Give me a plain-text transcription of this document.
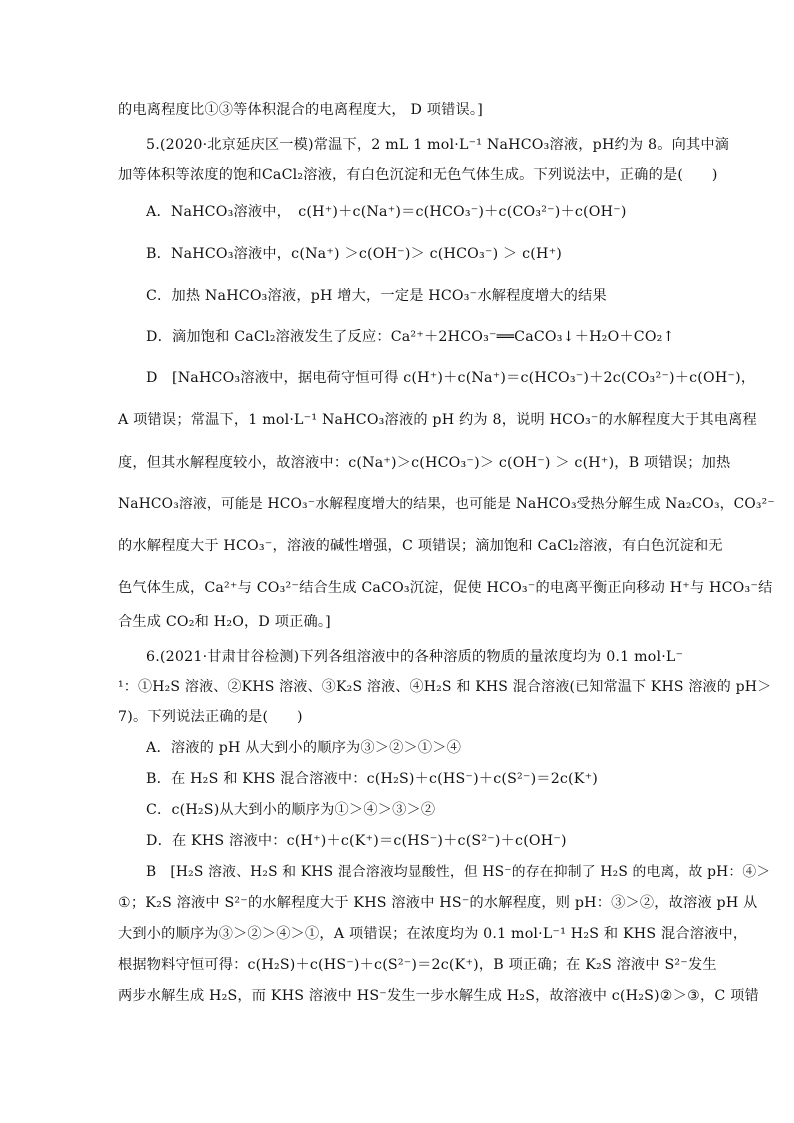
的电离程度比①③等体积混合的电离程度大， D 项错误。]
5.(2020·北京延庆区一模)常温下，2 mL 1 mol·L⁻¹ NaHCO₃溶液，pH约为 8。向其中滴
加等体积等浓度的饱和CaCl₂溶液，有白色沉淀和无色气体生成。下列说法中，正确的是(　　)
A．NaHCO₃溶液中，　c(H⁺)＋c(Na⁺)＝c(HCO₃⁻)＋c(CO₃²⁻)＋c(OH⁻)
B．NaHCO₃溶液中，c(Na⁺) ＞c(OH⁻)＞ c(HCO₃⁻) ＞ c(H⁺)
C．加热 NaHCO₃溶液，pH 增大，一定是 HCO₃⁻水解程度增大的结果
D．滴加饱和 CaCl₂溶液发生了反应：Ca²⁺＋2HCO₃⁻══CaCO₃↓＋H₂O＋CO₂↑
D　[NaHCO₃溶液中，据电荷守恒可得 c(H⁺)＋c(Na⁺)＝c(HCO₃⁻)＋2c(CO₃²⁻)＋c(OH⁻)，
A 项错误；常温下，1 mol·L⁻¹ NaHCO₃溶液的 pH 约为 8，说明 HCO₃⁻的水解程度大于其电离程
度，但其水解程度较小，故溶液中：c(Na⁺)＞c(HCO₃⁻)＞ c(OH⁻) ＞ c(H⁺)，B 项错误；加热
NaHCO₃溶液，可能是 HCO₃⁻水解程度增大的结果，也可能是 NaHCO₃受热分解生成 Na₂CO₃，CO₃²⁻
的水解程度大于 HCO₃⁻，溶液的碱性增强，C 项错误；滴加饱和 CaCl₂溶液，有白色沉淀和无
色气体生成，Ca²⁺与 CO₃²⁻结合生成 CaCO₃沉淀，促使 HCO₃⁻的电离平衡正向移动 H⁺与 HCO₃⁻结
合生成 CO₂和 H₂O，D 项正确。]
6.(2021·甘肃甘谷检测)下列各组溶液中的各种溶质的物质的量浓度均为 0.1 mol·L⁻
¹：①H₂S 溶液、②KHS 溶液、③K₂S 溶液、④H₂S 和 KHS 混合溶液(已知常温下 KHS 溶液的 pH＞
7)。下列说法正确的是(　　)
A．溶液的 pH 从大到小的顺序为③＞②＞①＞④
B．在 H₂S 和 KHS 混合溶液中：c(H₂S)＋c(HS⁻)＋c(S²⁻)＝2c(K⁺)
C．c(H₂S)从大到小的顺序为①＞④＞③＞②
D．在 KHS 溶液中：c(H⁺)＋c(K⁺)＝c(HS⁻)＋c(S²⁻)＋c(OH⁻)
B　[H₂S 溶液、H₂S 和 KHS 混合溶液均显酸性，但 HS⁻的存在抑制了 H₂S 的电离，故 pH：④＞
①；K₂S 溶液中 S²⁻的水解程度大于 KHS 溶液中 HS⁻的水解程度，则 pH：③＞②，故溶液 pH 从
大到小的顺序为③＞②＞④＞①，A 项错误；在浓度均为 0.1 mol·L⁻¹ H₂S 和 KHS 混合溶液中，
根据物料守恒可得：c(H₂S)＋c(HS⁻)＋c(S²⁻)＝2c(K⁺)，B 项正确；在 K₂S 溶液中 S²⁻发生
两步水解生成 H₂S，而 KHS 溶液中 HS⁻发生一步水解生成 H₂S，故溶液中 c(H₂S)②＞③，C 项错
